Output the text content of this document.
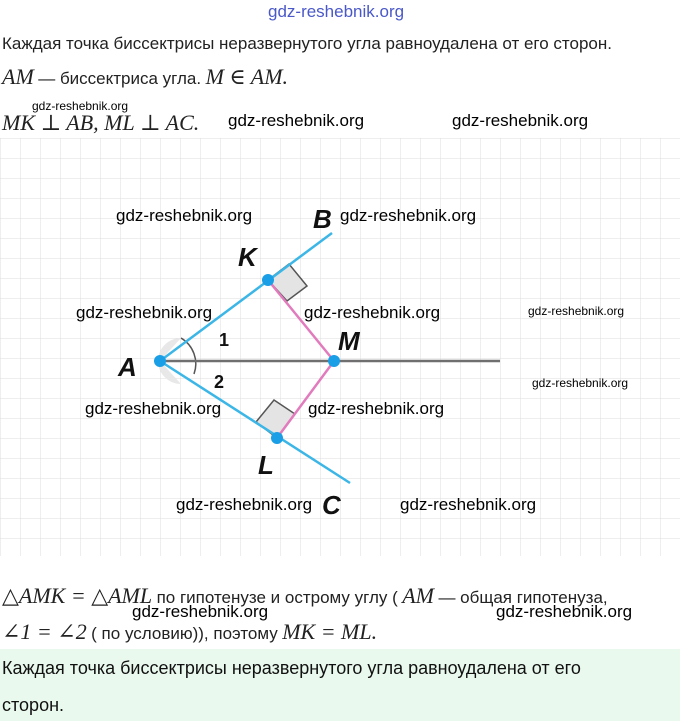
gdz-reshebnik.org
Каждая точка биссектрисы неразвернутого угла равноудалена от его сторон.
AM — биссектриса угла. M ∈ AM.
MK ⊥ AB, ML ⊥ AC.
gdz-reshebnik.org
gdz-reshebnik.org	gdz-reshebnik.org
A
B
K
M
L
C
1
2
gdz-reshebnik.org	gdz-reshebnik.org
gdz-reshebnik.org	gdz-reshebnik.org	gdz-reshebnik.org
gdz-reshebnik.org
gdz-reshebnik.org	gdz-reshebnik.org
gdz-reshebnik.org	gdz-reshebnik.org
△AMK = △AML по гипотенузе и острому углу ( AM — общая гипотенуза,
∠1 = ∠2 ( по условию)), поэтому MK = ML.
gdz-reshebnik.org	gdz-reshebnik.org
Каждая точка биссектрисы неразвернутого угла равноудалена от его
сторон.
